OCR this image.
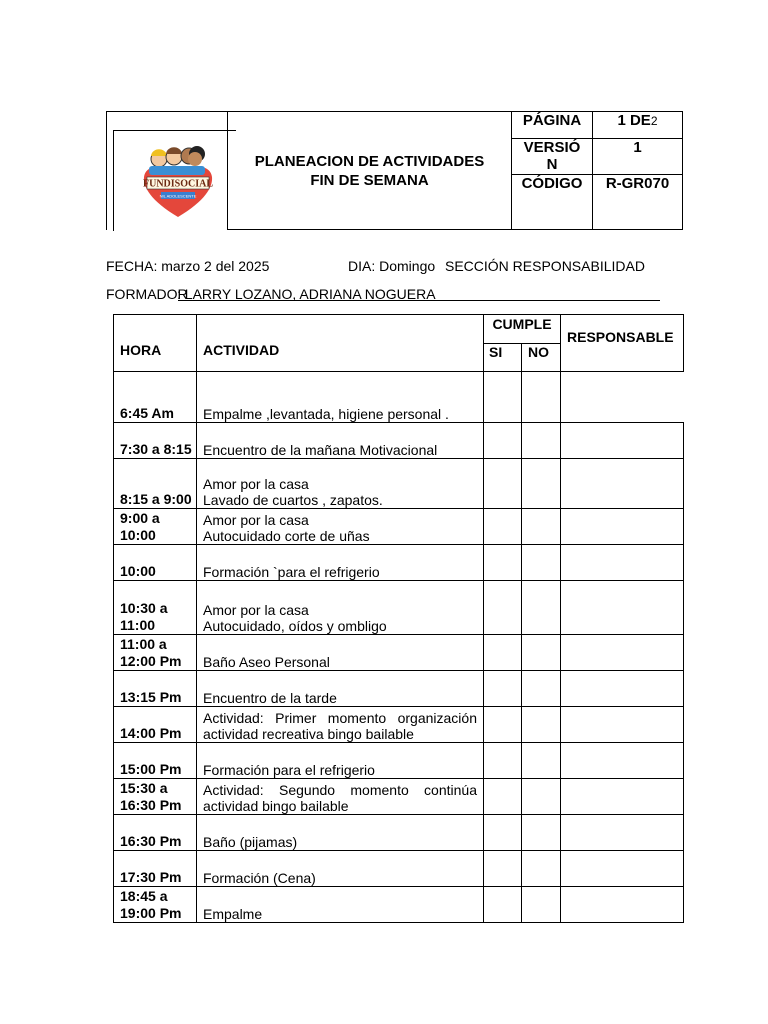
FUNDISOCIAL
NIL ADOLESCENTE
PLANEACION DE ACTIVIDADES FIN DE SEMANA
PÁGINA	1 DE2
VERSIÓN	1
CÓDIGO	R-GR070
FECHA: marzo 2 del 2025	DIA: Domingo SECCIÓN RESPONSABILIDAD
FORMADOR
: LARRY LOZANO, ADRIANA NOGUERA
HORA	ACTIVIDAD	CUMPLE		RESPONSABLE
		SI	NO	
6:45 Am	Empalme ,levantada, higiene personal .			
7:30 a 8:15	Encuentro de la mañana Motivacional			
8:15 a 9:00	Amor por la casa
Lavado de cuartos , zapatos.			
9:00 a
10:00	Amor por la casa
Autocuidado corte de uñas			
10:00	Formación `para el refrigerio			
10:30 a
11:00	Amor por la casa
Autocuidado, oídos y ombligo			
11:00 a
12:00 Pm	Baño Aseo Personal			
13:15 Pm	Encuentro de la tarde			
14:00 Pm	Actividad: Primer momento organización actividad recreativa bingo bailable			
15:00 Pm	Formación para el refrigerio			
15:30 a
16:30 Pm	Actividad: Segundo momento continúa actividad bingo bailable			
16:30 Pm	Baño (pijamas)			
17:30 Pm	Formación (Cena)			
18:45 a
19:00 Pm	Empalme			
